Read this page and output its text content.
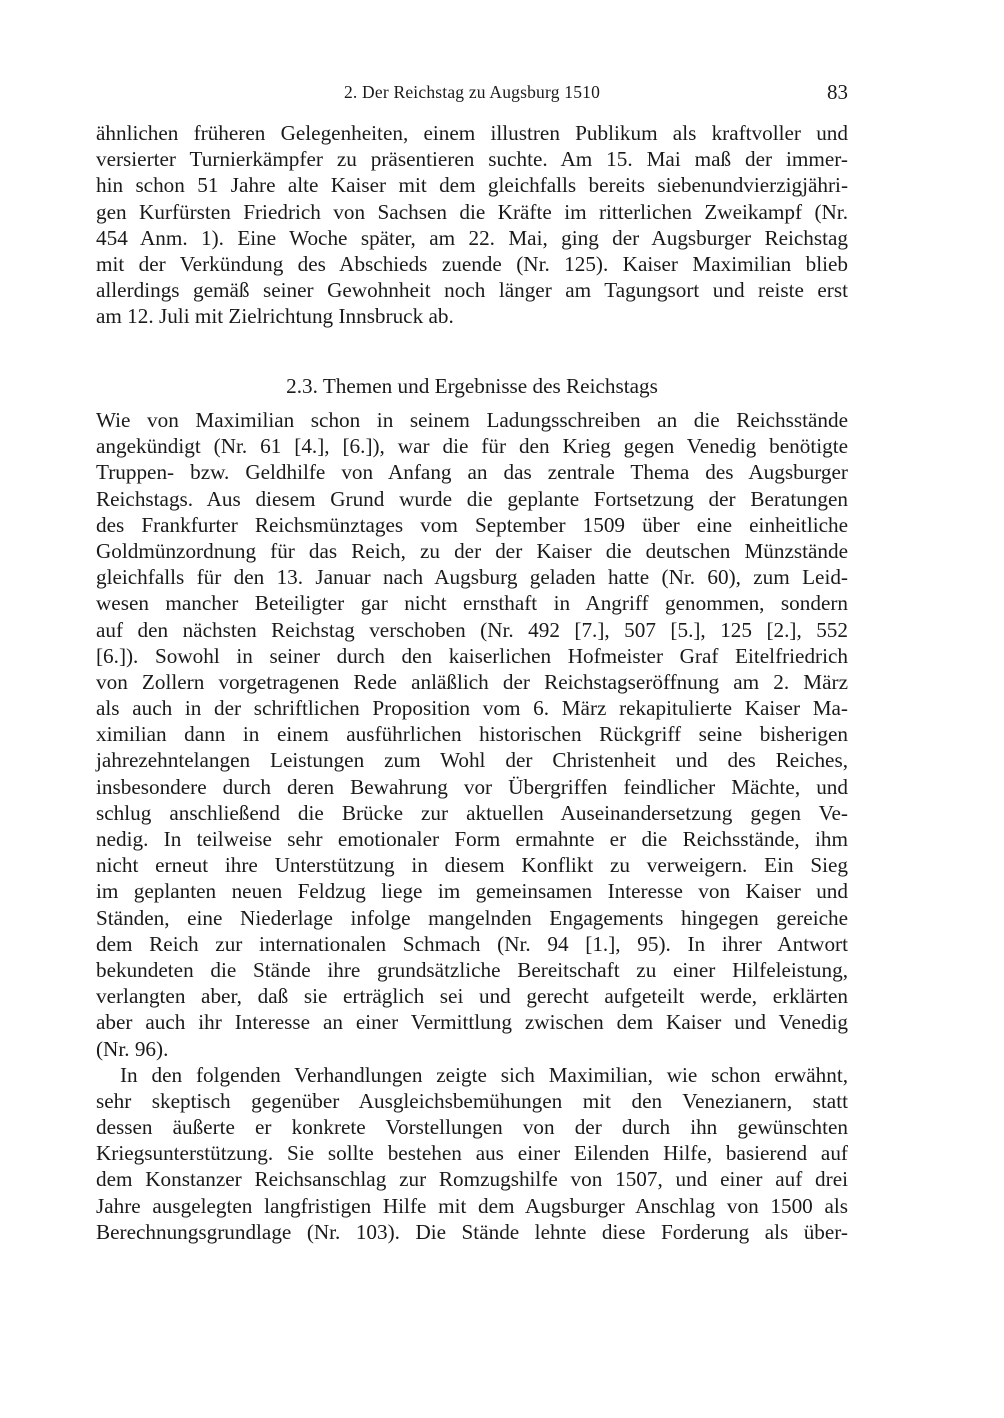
2. Der Reichstag zu Augsburg 1510	83
ähnlichen früheren Gelegenheiten, einem illustren Publikum als kraftvoller und
versierter Turnierkämpfer zu präsentieren suchte. Am 15. Mai maß der immer-
hin schon 51 Jahre alte Kaiser mit dem gleichfalls bereits siebenundvierzigjähri-
gen Kurfürsten Friedrich von Sachsen die Kräfte im ritterlichen Zweikampf (Nr.
454 Anm. 1). Eine Woche später, am 22. Mai, ging der Augsburger Reichstag
mit der Verkündung des Abschieds zuende (Nr. 125). Kaiser Maximilian blieb
allerdings gemäß seiner Gewohnheit noch länger am Tagungsort und reiste erst
am 12. Juli mit Zielrichtung Innsbruck ab.
2.3. Themen und Ergebnisse des Reichstags
Wie von Maximilian schon in seinem Ladungsschreiben an die Reichsstände
angekündigt (Nr. 61 [4.], [6.]), war die für den Krieg gegen Venedig benötigte
Truppen- bzw. Geldhilfe von Anfang an das zentrale Thema des Augsburger
Reichstags. Aus diesem Grund wurde die geplante Fortsetzung der Beratungen
des Frankfurter Reichsmünztages vom September 1509 über eine einheitliche
Goldmünzordnung für das Reich, zu der der Kaiser die deutschen Münzstände
gleichfalls für den 13. Januar nach Augsburg geladen hatte (Nr. 60), zum Leid-
wesen mancher Beteiligter gar nicht ernsthaft in Angriff genommen, sondern
auf den nächsten Reichstag verschoben (Nr. 492 [7.], 507 [5.], 125 [2.], 552
[6.]). Sowohl in seiner durch den kaiserlichen Hofmeister Graf Eitelfriedrich
von Zollern vorgetragenen Rede anläßlich der Reichstagseröffnung am 2. März
als auch in der schriftlichen Proposition vom 6. März rekapitulierte Kaiser Ma-
ximilian dann in einem ausführlichen historischen Rückgriff seine bisherigen
jahrezehntelangen Leistungen zum Wohl der Christenheit und des Reiches,
insbesondere durch deren Bewahrung vor Übergriffen feindlicher Mächte, und
schlug anschließend die Brücke zur aktuellen Auseinandersetzung gegen Ve-
nedig. In teilweise sehr emotionaler Form ermahnte er die Reichsstände, ihm
nicht erneut ihre Unterstützung in diesem Konflikt zu verweigern. Ein Sieg
im geplanten neuen Feldzug liege im gemeinsamen Interesse von Kaiser und
Ständen, eine Niederlage infolge mangelnden Engagements hingegen gereiche
dem Reich zur internationalen Schmach (Nr. 94 [1.], 95). In ihrer Antwort
bekundeten die Stände ihre grundsätzliche Bereitschaft zu einer Hilfeleistung,
verlangten aber, daß sie erträglich sei und gerecht aufgeteilt werde, erklärten
aber auch ihr Interesse an einer Vermittlung zwischen dem Kaiser und Venedig
(Nr. 96).
In den folgenden Verhandlungen zeigte sich Maximilian, wie schon erwähnt,
sehr skeptisch gegenüber Ausgleichsbemühungen mit den Venezianern, statt
dessen äußerte er konkrete Vorstellungen von der durch ihn gewünschten
Kriegsunterstützung. Sie sollte bestehen aus einer Eilenden Hilfe, basierend auf
dem Konstanzer Reichsanschlag zur Romzugshilfe von 1507, und einer auf drei
Jahre ausgelegten langfristigen Hilfe mit dem Augsburger Anschlag von 1500 als
Berechnungsgrundlage (Nr. 103). Die Stände lehnte diese Forderung als über-
